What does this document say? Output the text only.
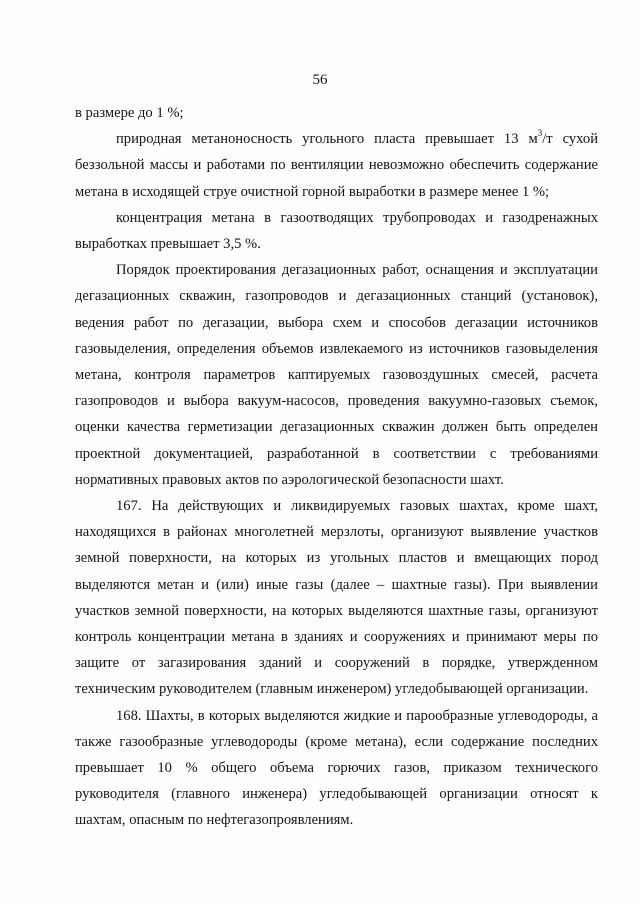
56

в размере до 1 %;

природная метаноносность угольного пласта превышает 13 $м^3/т$ сухой беззольной массы и работами по вентиляции невозможно обеспечить содержание метана в исходящей струе очистной горной выработки в размере менее 1 %;

концентрация метана в газоотводящих трубопроводах и газодренажных выработках превышает 3,5 %.

Порядок проектирования дегазационных работ, оснащения и эксплуатации дегазационных скважин, газопроводов и дегазационных станций (установок), ведения работ по дегазации, выбора схем и способов дегазации источников газовыделения, определения объемов извлекаемого из источников газовыделения метана, контроля параметров каптируемых газовоздушных смесей, расчета газопроводов и выбора вакуум-насосов, проведения вакуумно-газовых съемок, оценки качества герметизации дегазационных скважин должен быть определен проектной документацией, разработанной в соответствии с требованиями нормативных правовых актов по аэрологической безопасности шахт.

167. На действующих и ликвидируемых газовых шахтах, кроме шахт, находящихся в районах многолетней мерзлоты, организуют выявление участков земной поверхности, на которых из угольных пластов и вмещающих пород выделяются метан и (или) иные газы (далее – шахтные газы). При выявлении участков земной поверхности, на которых выделяются шахтные газы, организуют контроль концентрации метана в зданиях и сооружениях и принимают меры по защите от загазирования зданий и сооружений в порядке, утвержденном техническим руководителем (главным инженером) угледобывающей организации.

168. Шахты, в которых выделяются жидкие и парообразные углеводороды, а также газообразные углеводороды (кроме метана), если содержание последних превышает 10 % общего объема горючих газов, приказом технического руководителя (главного инженера) угледобывающей организации относят к шахтам, опасным по нефтегазопроявлениям.
